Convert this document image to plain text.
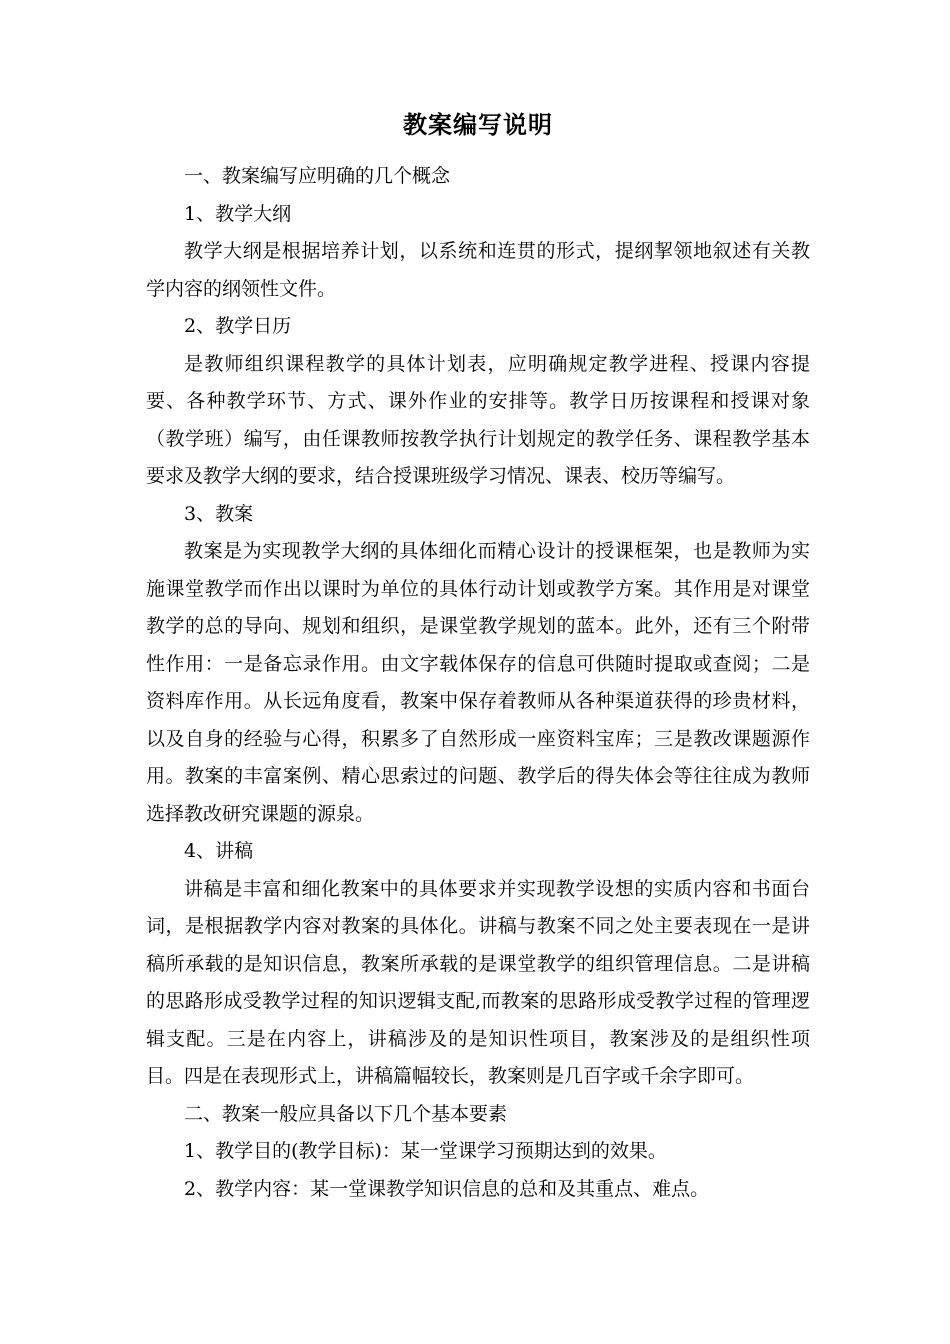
教案编写说明

一、教案编写应明确的几个概念

1、教学大纲

教学大纲是根据培养计划，以系统和连贯的形式，提纲挈领地叙述有关教学内容的纲领性文件。

2、教学日历

是教师组织课程教学的具体计划表，应明确规定教学进程、授课内容提要、各种教学环节、方式、课外作业的安排等。教学日历按课程和授课对象（教学班）编写，由任课教师按教学执行计划规定的教学任务、课程教学基本要求及教学大纲的要求，结合授课班级学习情况、课表、校历等编写。

3、教案

教案是为实现教学大纲的具体细化而精心设计的授课框架，也是教师为实施课堂教学而作出以课时为单位的具体行动计划或教学方案。其作用是对课堂教学的总的导向、规划和组织，是课堂教学规划的蓝本。此外，还有三个附带性作用：一是备忘录作用。由文字载体保存的信息可供随时提取或查阅；二是资料库作用。从长远角度看，教案中保存着教师从各种渠道获得的珍贵材料，以及自身的经验与心得，积累多了自然形成一座资料宝库；三是教改课题源作用。教案的丰富案例、精心思索过的问题、教学后的得失体会等往往成为教师选择教改研究课题的源泉。

4、讲稿

讲稿是丰富和细化教案中的具体要求并实现教学设想的实质内容和书面台词，是根据教学内容对教案的具体化。讲稿与教案不同之处主要表现在一是讲稿所承载的是知识信息，教案所承载的是课堂教学的组织管理信息。二是讲稿的思路形成受教学过程的知识逻辑支配,而教案的思路形成受教学过程的管理逻辑支配。三是在内容上，讲稿涉及的是知识性项目，教案涉及的是组织性项目。四是在表现形式上，讲稿篇幅较长，教案则是几百字或千余字即可。

二、教案一般应具备以下几个基本要素

1、教学目的(教学目标)：某一堂课学习预期达到的效果。

2、教学内容：某一堂课教学知识信息的总和及其重点、难点。
